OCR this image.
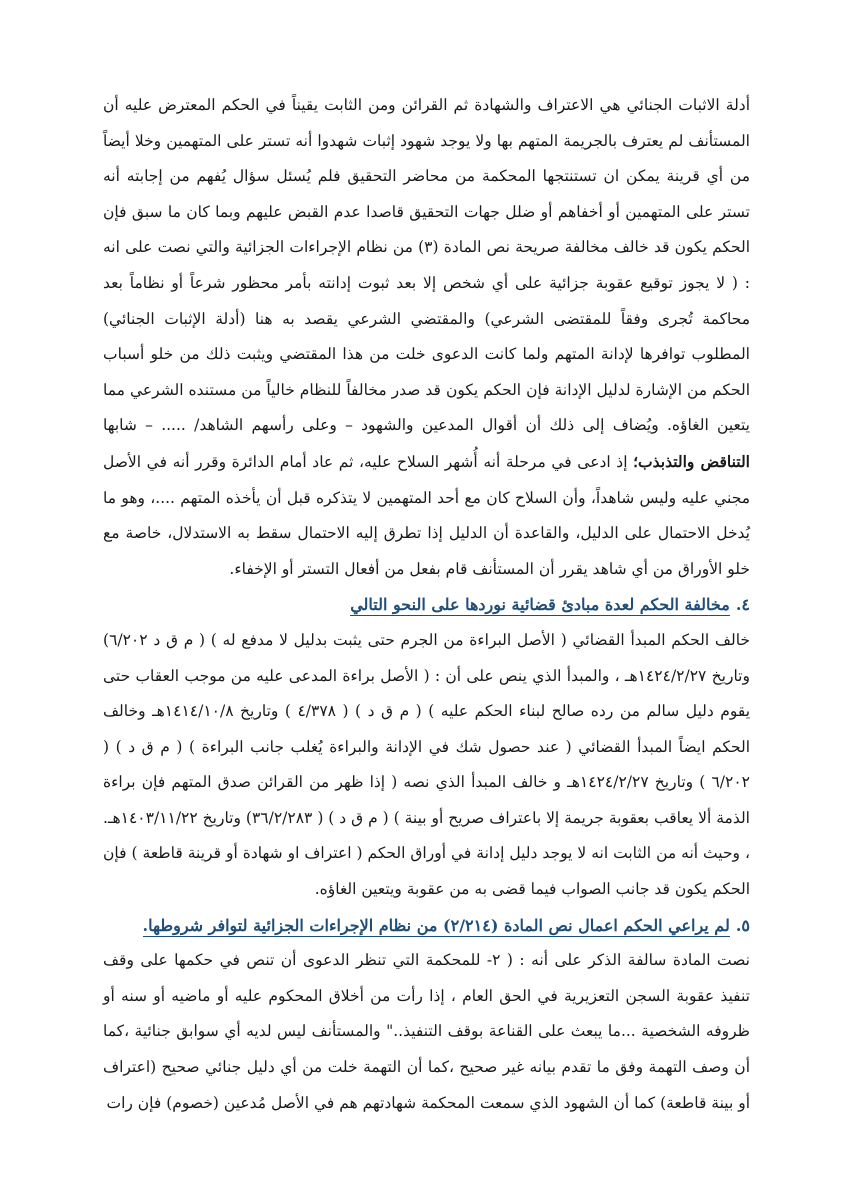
أدلة الاثبات الجنائي هي الاعتراف والشهادة ثم القرائن ومن الثابت يقيناً في الحكم المعترض عليه أن المستأنف لم يعترف بالجريمة المتهم بها ولا يوجد شهود إثبات شهدوا أنه تستر على المتهمين وخلا أيضاً من أي قرينة يمكن ان تستنتجها المحكمة من محاضر التحقيق فلم يُسئل سؤال يُفهم من إجابته أنه تستر على المتهمين أو أخفاهم أو ضلل جهات التحقيق قاصدا عدم القبض عليهم وبما كان ما سبق فإن الحكم يكون قد خالف مخالفة صريحة نص المادة (٣) من نظام الإجراءات الجزائية والتي نصت على انه : ( لا يجوز توقيع عقوبة جزائية على أي شخص إلا بعد ثبوت إدانته بأمر محظور شرعاً أو نظاماً بعد محاكمة تُجرى وفقاً للمقتضى الشرعي) والمقتضي الشرعي يقصد به هنا (أدلة الإثبات الجنائي) المطلوب توافرها لإدانة المتهم ولما كانت الدعوى خلت من هذا المقتضي ويثبت ذلك من خلو أسباب الحكم من الإشارة لدليل الإدانة فإن الحكم يكون قد صدر مخالفاً للنظام خالياً من مستنده الشرعي مما يتعين الغاؤه. ويُضاف إلى ذلك أن أقوال المدعين والشهود – وعلى رأسهم الشاهد/ ..... – شابها التناقض والتذبذب؛ إذ ادعى في مرحلة أنه أُشهر السلاح عليه، ثم عاد أمام الدائرة وقرر أنه في الأصل مجني عليه وليس شاهداً، وأن السلاح كان مع أحد المتهمين لا يتذكره قبل أن يأخذه المتهم ....، وهو ما يُدخل الاحتمال على الدليل، والقاعدة أن الدليل إذا تطرق إليه الاحتمال سقط به الاستدلال، خاصة مع خلو الأوراق من أي شاهد يقرر أن المستأنف قام بفعل من أفعال التستر أو الإخفاء.

٤.مخالفة الحكم لعدة مبادئ قضائية نوردها على النحو التالي

خالف الحكم المبدأ القضائي ( الأصل البراءة من الجرم حتى يثبت بدليل لا مدفع له ) ( م ق د ٦/٢٠٢) وتاريخ ١٤٢٤/٢/٢٧هـ ، والمبدأ الذي ينص على أن : ( الأصل براءة المدعى عليه من موجب العقاب حتى يقوم دليل سالم من رده صالح لبناء الحكم عليه ) ( م ق د ) ( ٤/٣٧٨ ) وتاريخ ١٤١٤/١٠/٨هـ وخالف الحكم ايضاً المبدأ القضائي ( عند حصول شك في الإدانة والبراءة يُغلب جانب البراءة ) ( م ق د ) ( ٦/٢٠٢ ) وتاريخ ١٤٢٤/٢/٢٧هـ و خالف المبدأ الذي نصه ( إذا ظهر من القرائن صدق المتهم فإن براءة الذمة ألا يعاقب بعقوبة جريمة إلا باعتراف صريح أو بينة ) ( م ق د ) ( ٣٦/٢/٢٨٣) وتاريخ ١٤٠٣/١١/٢٢هـ. ، وحيث أنه من الثابت انه لا يوجد دليل إدانة في أوراق الحكم ( اعتراف او شهادة أو قرينة قاطعة ) فإن الحكم يكون قد جانب الصواب فيما قضى به من عقوبة ويتعين الغاؤه.

٥.لم يراعي الحكم اعمال نص المادة (٢/٢١٤) من نظام الإجراءات الجزائية لتوافر شروطها.

نصت المادة سالفة الذكر على أنه : ( ٢- للمحكمة التي تنظر الدعوى أن تنص في حكمها على وقف تنفيذ عقوبة السجن التعزيرية في الحق العام ، إذا رأت من أخلاق المحكوم عليه أو ماضيه أو سنه أو ظروفه الشخصية ...ما يبعث على القناعة بوقف التنفيذ.." والمستأنف ليس لديه أي سوابق جنائية ،كما أن وصف التهمة وفق ما تقدم بيانه غير صحيح ،كما أن التهمة خلت من أي دليل جنائي صحيح (اعتراف أو بينة قاطعة) كما أن الشهود الذي سمعت المحكمة شهادتهم هم في الأصل مُدعين (خصوم) فإن رات
